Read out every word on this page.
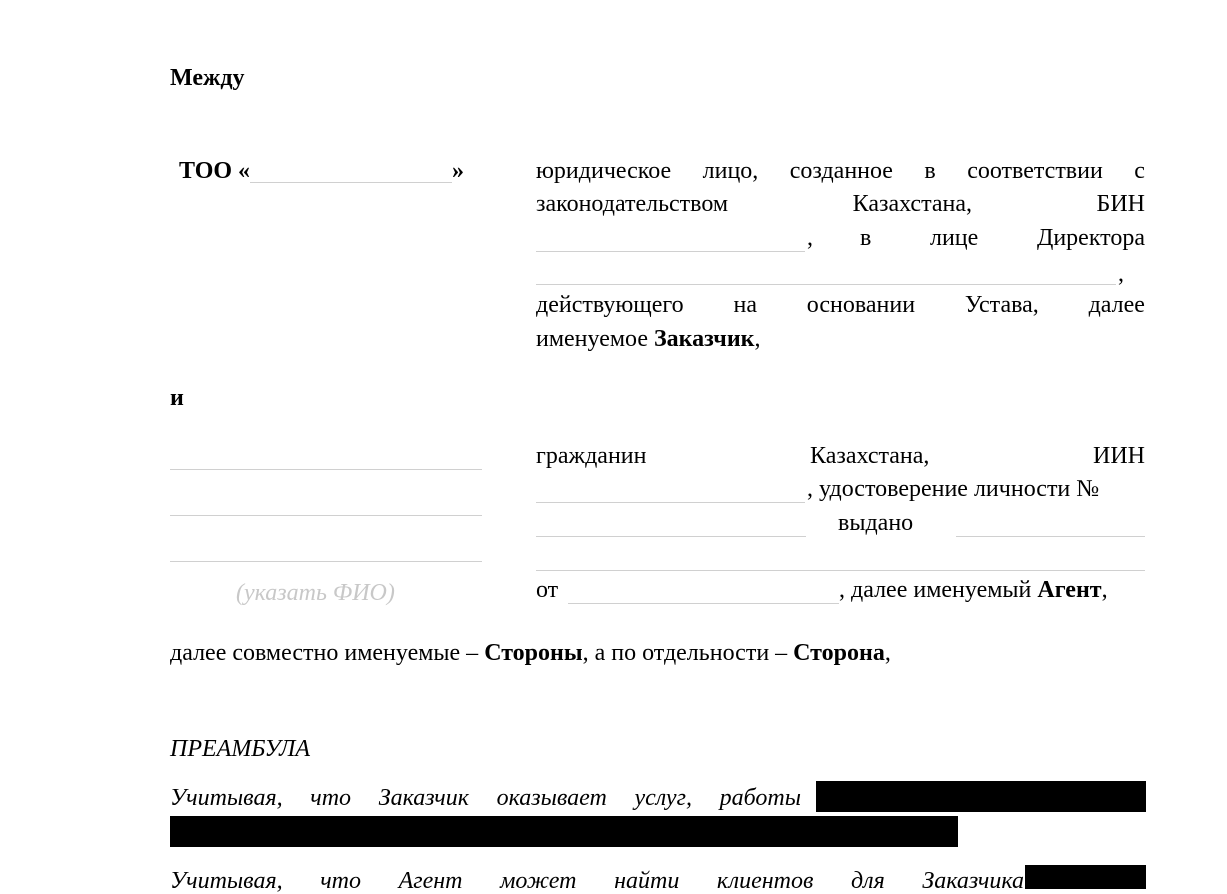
Между
ТОО «	»	юридическое лицо, созданное в соответствии с
законодательством	Казахстана,	БИН
, в лице Директора
,
действующего на основании Устава, далее
именуемое Заказчик,
и
(указать ФИО)
гражданин	Казахстана,	ИИН
, удостоверение личности №
выдано
от	, далее именуемый Агент,
далее совместно именуемые – Стороны, а по отдельности – Сторона,
ПРЕАМБУЛА
Учитывая, что Заказчик оказывает услуг, работы
Учитывая, что Агент может найти клиентов для Заказчика
